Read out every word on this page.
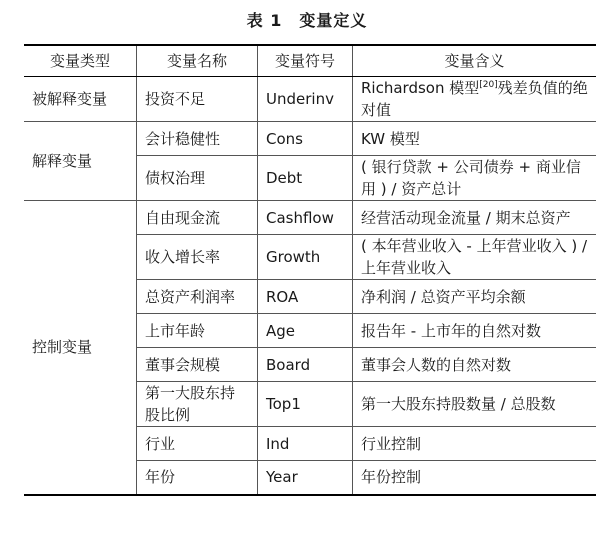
表 1　变量定义
变量类型	变量名称	变量符号	变量含义
被解释变量	投资不足	Underinv	Richardson 模型[20]残差负值的绝对值
解释变量	会计稳健性	Cons	KW 模型
	债权治理	Debt	( 银行贷款 + 公司债券 + 商业信用 ) / 资产总计
控制变量	自由现金流	Cashflow	经营活动现金流量 / 期末总资产
	收入增长率	Growth	( 本年营业收入 - 上年营业收入 ) / 上年营业收入
	总资产利润率	ROA	净利润 / 总资产平均余额
	上市年龄	Age	报告年 - 上市年的自然对数
	董事会规模	Board	董事会人数的自然对数
	第一大股东持股比例	Top1	第一大股东持股数量 / 总股数
	行业	Ind	行业控制
	年份	Year	年份控制
